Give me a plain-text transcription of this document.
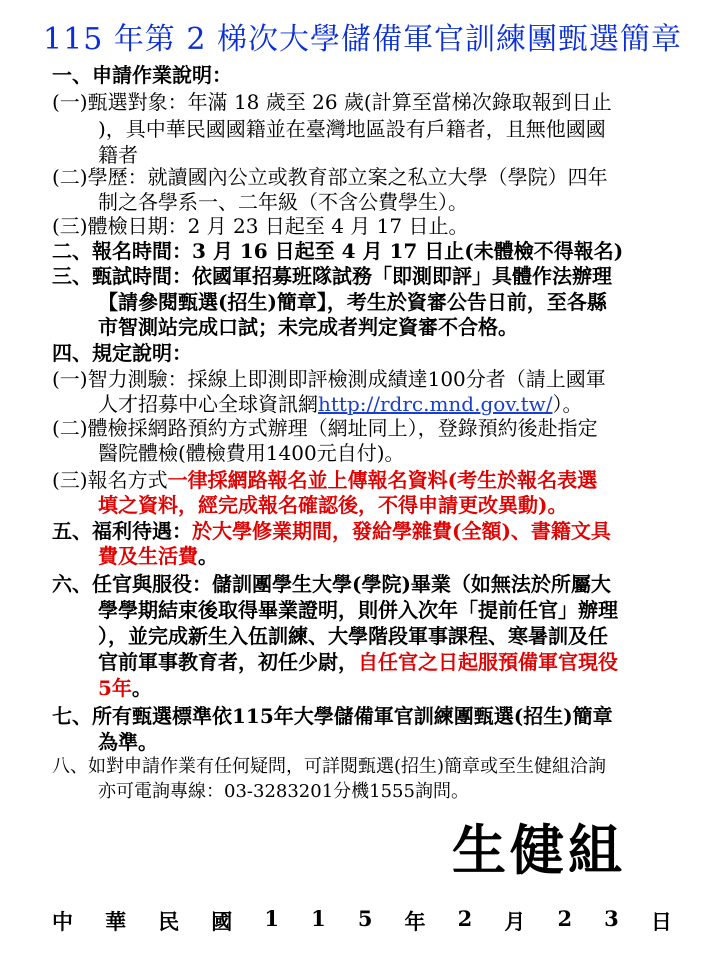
115 年第 2 梯次大學儲備軍官訓練團甄選簡章
一、申請作業說明：
(一)甄選對象：年滿 18 歲至 26 歲(計算至當梯次錄取報到日止
)，具中華民國國籍並在臺灣地區設有戶籍者，且無他國國
籍者
(二)學歷：就讀國內公立或教育部立案之私立大學（學院）四年
制之各學系一、二年級（不含公費學生）。
(三)體檢日期：2 月 23 日起至 4 月 17 日止。
二、報名時間：3 月 16 日起至 4 月 17 日止(未體檢不得報名)
三、甄試時間：依國軍招募班隊試務「即測即評」具體作法辦理
【請參閱甄選(招生)簡章】，考生於資審公告日前，至各縣
市智測站完成口試；未完成者判定資審不合格。
四、規定說明：
(一)智力測驗：採線上即測即評檢測成績達100分者（請上國軍
人才招募中心全球資訊網http://rdrc.mnd.gov.tw/）。
(二)體檢採網路預約方式辦理（網址同上），登錄預約後赴指定
醫院體檢(體檢費用1400元自付)。
(三)報名方式一律採網路報名並上傳報名資料(考生於報名表選
填之資料，經完成報名確認後，不得申請更改異動)。
五、福利待遇：於大學修業期間，發給學雜費(全額)、書籍文具
費及生活費。
六、任官與服役：儲訓團學生大學(學院)畢業（如無法於所屬大
學學期結束後取得畢業證明，則併入次年「提前任官」辦理
），並完成新生入伍訓練、大學階段軍事課程、寒暑訓及任
官前軍事教育者，初任少尉，自任官之日起服預備軍官現役
5年。
七、所有甄選標準依115年大學儲備軍官訓練團甄選(招生)簡章
為準。
八、如對申請作業有任何疑問，可詳閱甄選(招生)簡章或至生健組洽詢
亦可電詢專線：03-3283201分機1555詢問。
生健組
中 華 民 國 1 1 5 年 2 月 2 3 日
